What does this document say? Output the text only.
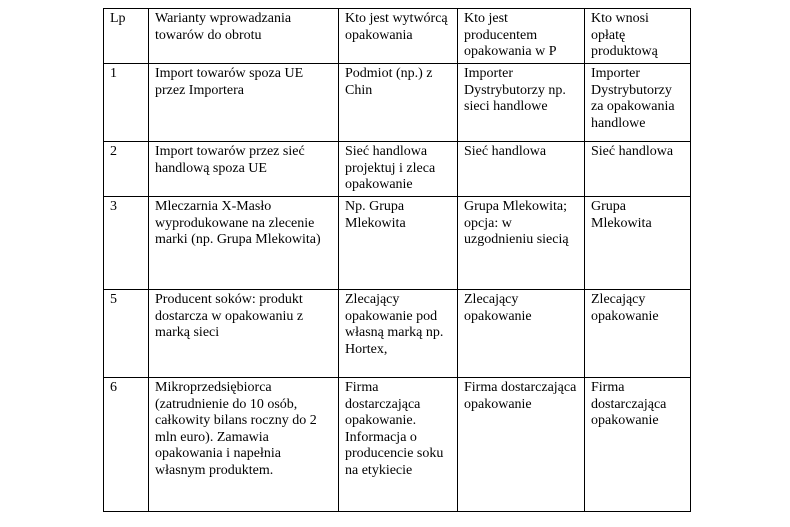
Lp	Warianty wprowadzania towarów do obrotu	Kto jest wytwórcą opakowania	Kto jest producentem opakowania w P	Kto wnosi opłatę produktową
1	Import towarów spoza UE przez Importera	Podmiot (np.) z Chin	Importer Dystrybutorzy np. sieci handlowe	Importer Dystrybutorzy za opakowania handlowe
2	Import towarów przez sieć handlową spoza UE	Sieć handlowa projektuj i zleca opakowanie	Sieć handlowa	Sieć handlowa
3	Mleczarnia X-Masło wyprodukowane na zlecenie marki (np. Grupa Mlekowita)	Np. Grupa Mlekowita	Grupa Mlekowita; opcja: w uzgodnieniu siecią	Grupa Mlekowita
5	Producent soków: produkt dostarcza w opakowaniu z marką sieci	Zlecający opakowanie pod własną marką np. Hortex,	Zlecający opakowanie	Zlecający opakowanie
6	Mikroprzedsiębiorca (zatrudnienie do 10 osób, całkowity bilans roczny do 2 mln euro). Zamawia opakowania i napełnia własnym produktem.	Firma dostarczająca opakowanie. Informacja o producencie soku na etykiecie	Firma dostarczająca opakowanie	Firma dostarczająca opakowanie
